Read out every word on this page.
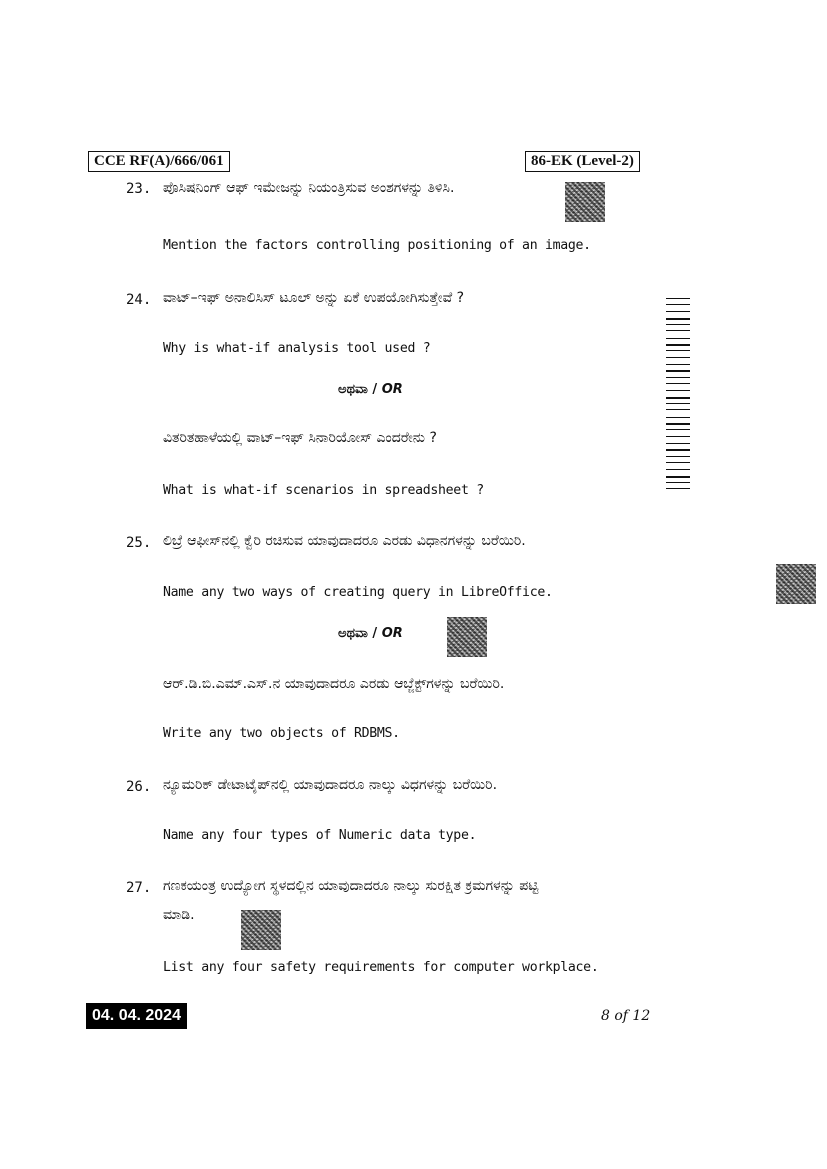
CCE RF(A)/666/061	86-EK (Level-2)
23. ಪೊಸಿಷನಿಂಗ್ ಆಫ್ ಇಮೇಜನ್ನು ನಿಯಂತ್ರಿಸುವ ಅಂಶಗಳನ್ನು ತಿಳಿಸಿ.
Mention the factors controlling positioning of an image.
24. ವಾಟ್–ಇಫ್ ಅನಾಲಿಸಿಸ್ ಟೂಲ್ ಅನ್ನು ಏಕೆ ಉಪಯೋಗಿಸುತ್ತೇವೆ ?
Why is what-if analysis tool used ?
ಅಥವಾ / OR
ವಿತರಿತಹಾಳೆಯಲ್ಲಿ ವಾಟ್–ಇಫ್ ಸಿನಾರಿಯೋಸ್ ಎಂದರೇನು ?
What is what-if scenarios in spreadsheet ?
25. ಲಿಬ್ರೆ ಆಫೀಸ್‌ನಲ್ಲಿ ಕ್ವೆರಿ ರಚಿಸುವ ಯಾವುದಾದರೂ ಎರಡು ವಿಧಾನಗಳನ್ನು ಬರೆಯಿರಿ.
Name any two ways of creating query in LibreOffice.
ಅಥವಾ / OR
ಆರ್.ಡಿ.ಬಿ.ಎಮ್.ಎಸ್.ನ ಯಾವುದಾದರೂ ಎರಡು ಆಬ್ಜೆಕ್ಟ್‌ಗಳನ್ನು ಬರೆಯಿರಿ.
Write any two objects of RDBMS.
26. ನ್ಯೂಮರಿಕ್ ಡೇಟಾಟೈಪ್‌ನಲ್ಲಿ ಯಾವುದಾದರೂ ನಾಲ್ಕು ವಿಧಗಳನ್ನು ಬರೆಯಿರಿ.
Name any four types of Numeric data type.
27. ಗಣಕಯಂತ್ರ ಉದ್ಯೋಗ ಸ್ಥಳದಲ್ಲಿನ ಯಾವುದಾದರೂ ನಾಲ್ಕು ಸುರಕ್ಷಿತ ಕ್ರಮಗಳನ್ನು ಪಟ್ಟಿ
ಮಾಡಿ.
List any four safety requirements for computer workplace.
04. 04. 2024	8 of 12
